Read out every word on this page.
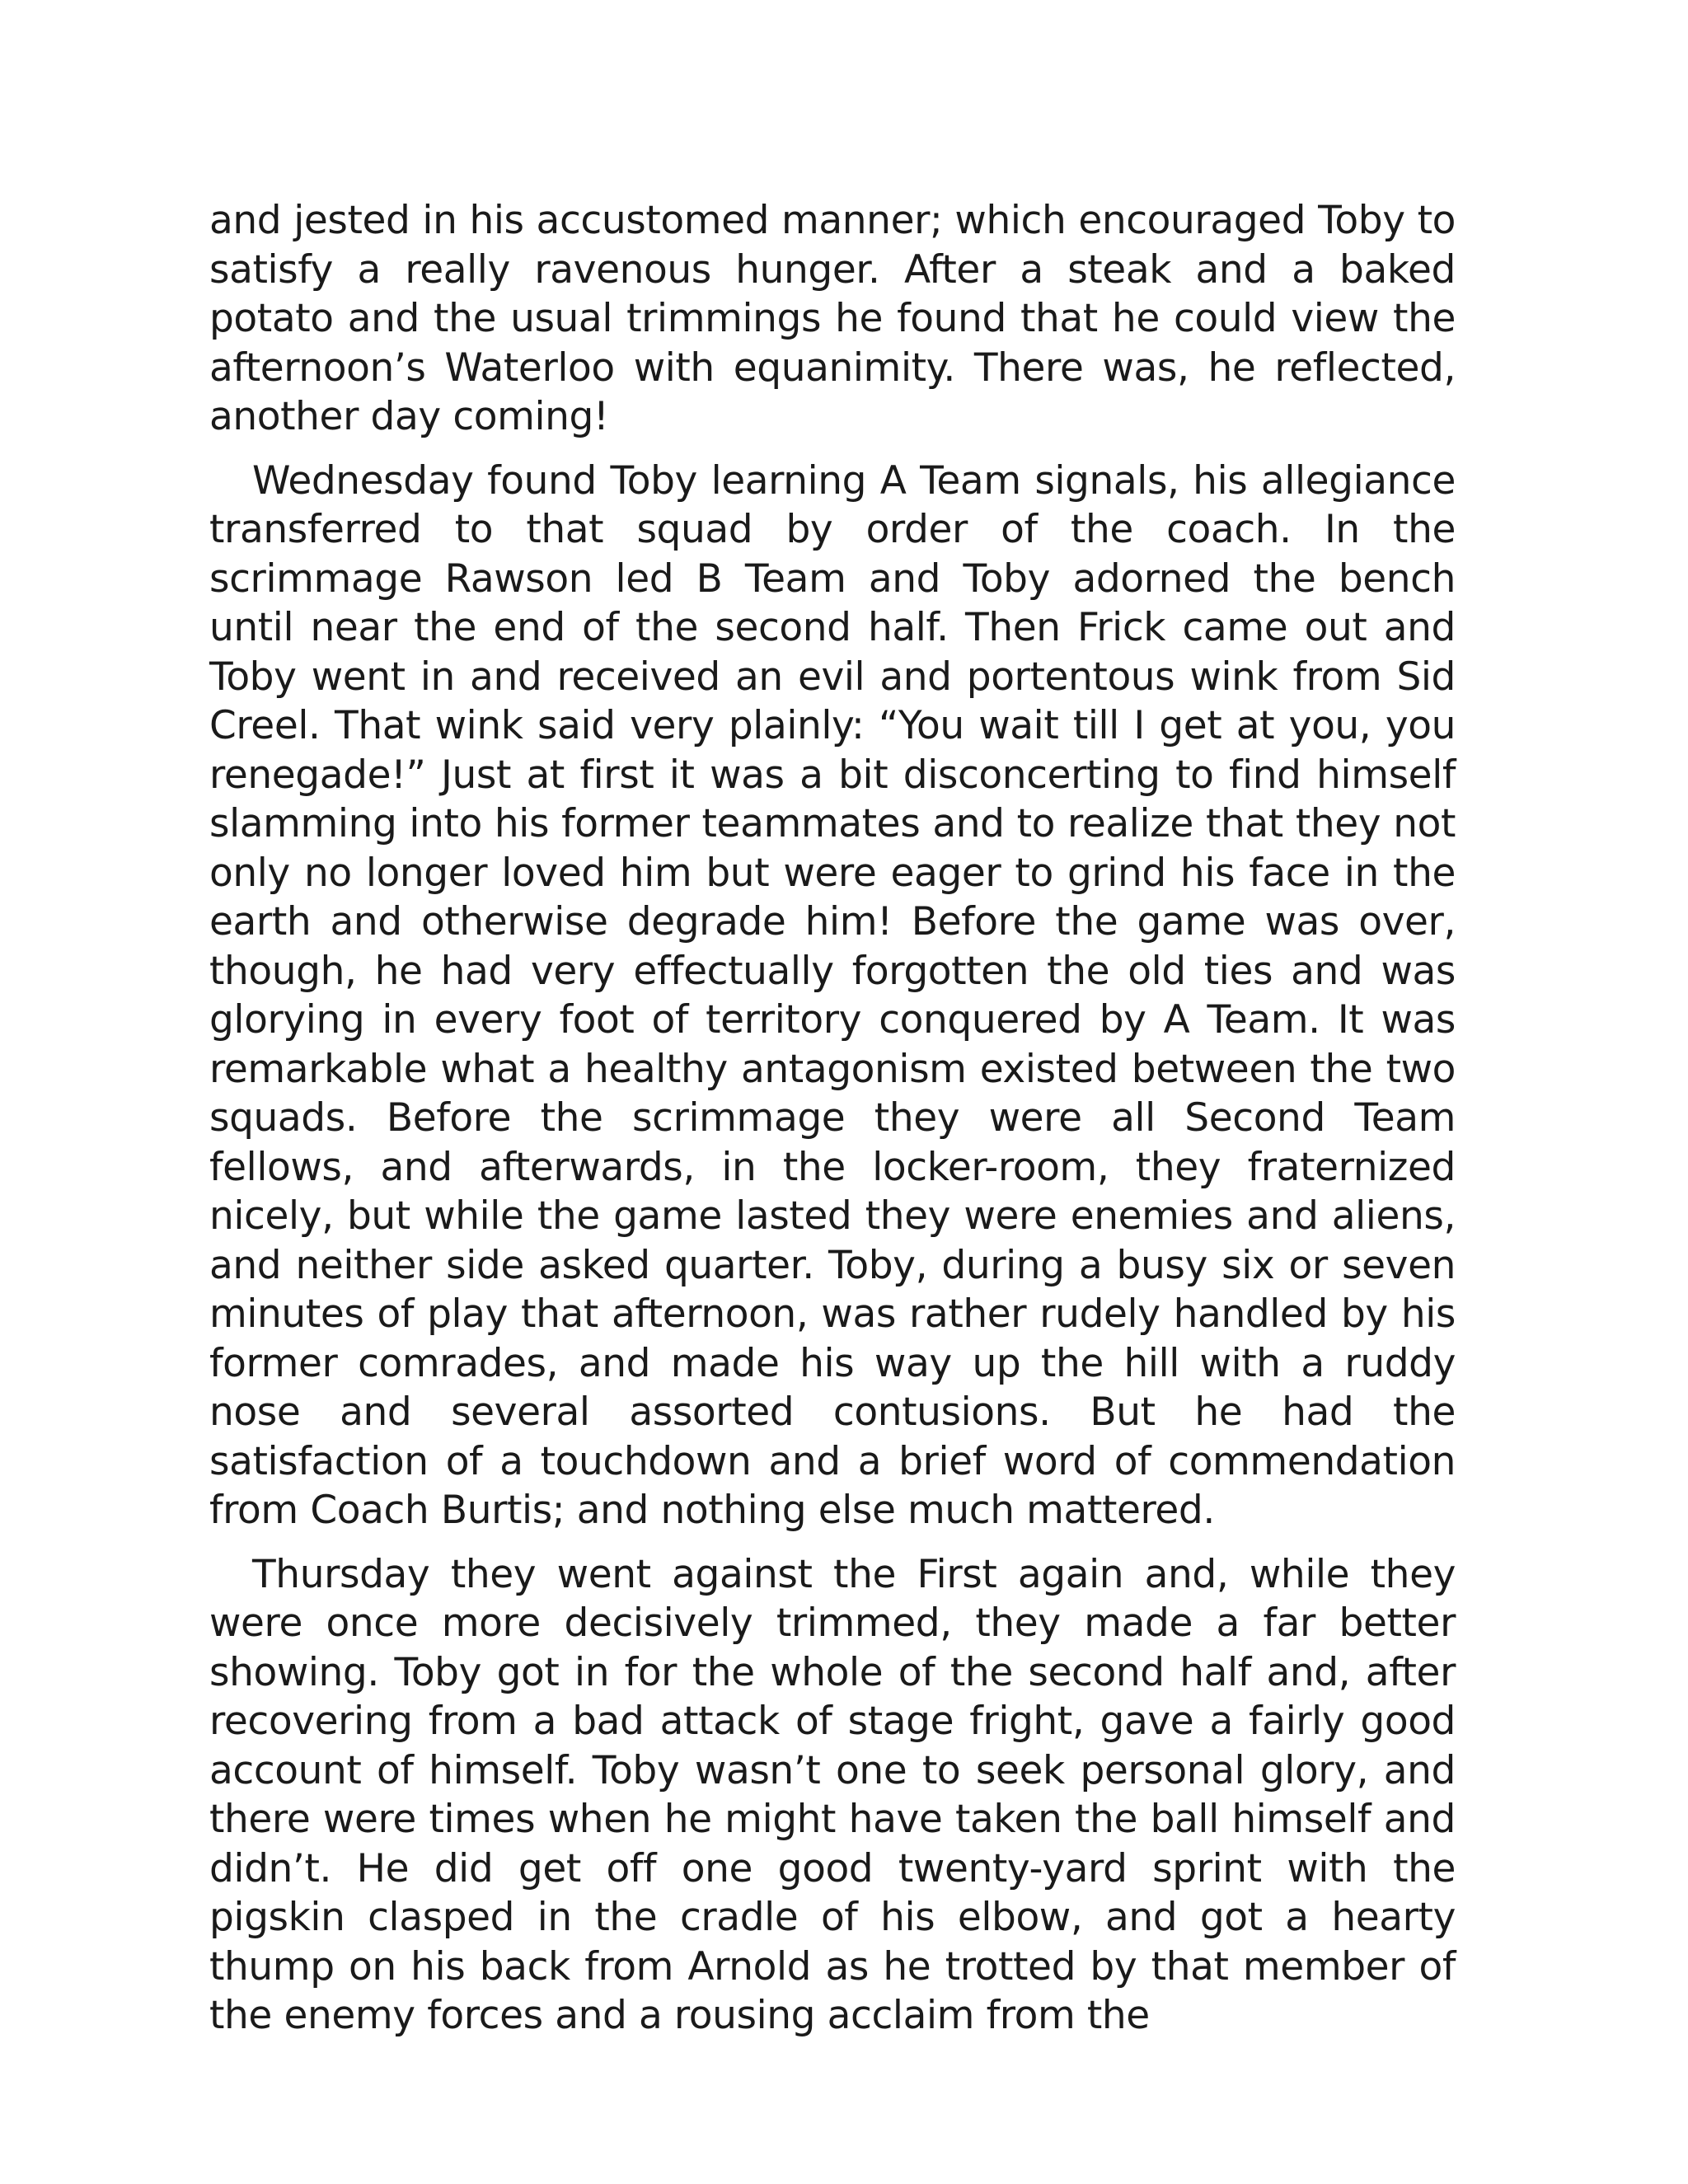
and jested in his accustomed manner; which encouraged Toby to satisfy a really ravenous hunger. After a steak and a baked potato and the usual trimmings he found that he could view the afternoon’s Waterloo with equanimity. There was, he reflected, another day coming!

Wednesday found Toby learning A Team signals, his allegiance transferred to that squad by order of the coach. In the scrimmage Rawson led B Team and Toby adorned the bench until near the end of the second half. Then Frick came out and Toby went in and received an evil and portentous wink from Sid Creel. That wink said very plainly: “You wait till I get at you, you renegade!” Just at first it was a bit disconcerting to find himself slamming into his former teammates and to realize that they not only no longer loved him but were eager to grind his face in the earth and otherwise degrade him! Before the game was over, though, he had very effectually forgotten the old ties and was glorying in every foot of territory conquered by A Team. It was remarkable what a healthy antagonism existed between the two squads. Before the scrimmage they were all Second Team fellows, and afterwards, in the locker-room, they fraternized nicely, but while the game lasted they were enemies and aliens, and neither side asked quarter. Toby, during a busy six or seven minutes of play that afternoon, was rather rudely handled by his former comrades, and made his way up the hill with a ruddy nose and several assorted contusions. But he had the satisfaction of a touchdown and a brief word of commendation from Coach Burtis; and nothing else much mattered.

Thursday they went against the First again and, while they were once more decisively trimmed, they made a far better showing. Toby got in for the whole of the second half and, after recovering from a bad attack of stage fright, gave a fairly good account of himself. Toby wasn’t one to seek personal glory, and there were times when he might have taken the ball himself and didn’t. He did get off one good twenty-yard sprint with the pigskin clasped in the cradle of his elbow, and got a hearty thump on his back from Arnold as he trotted by that member of the enemy forces and a rousing acclaim from the
